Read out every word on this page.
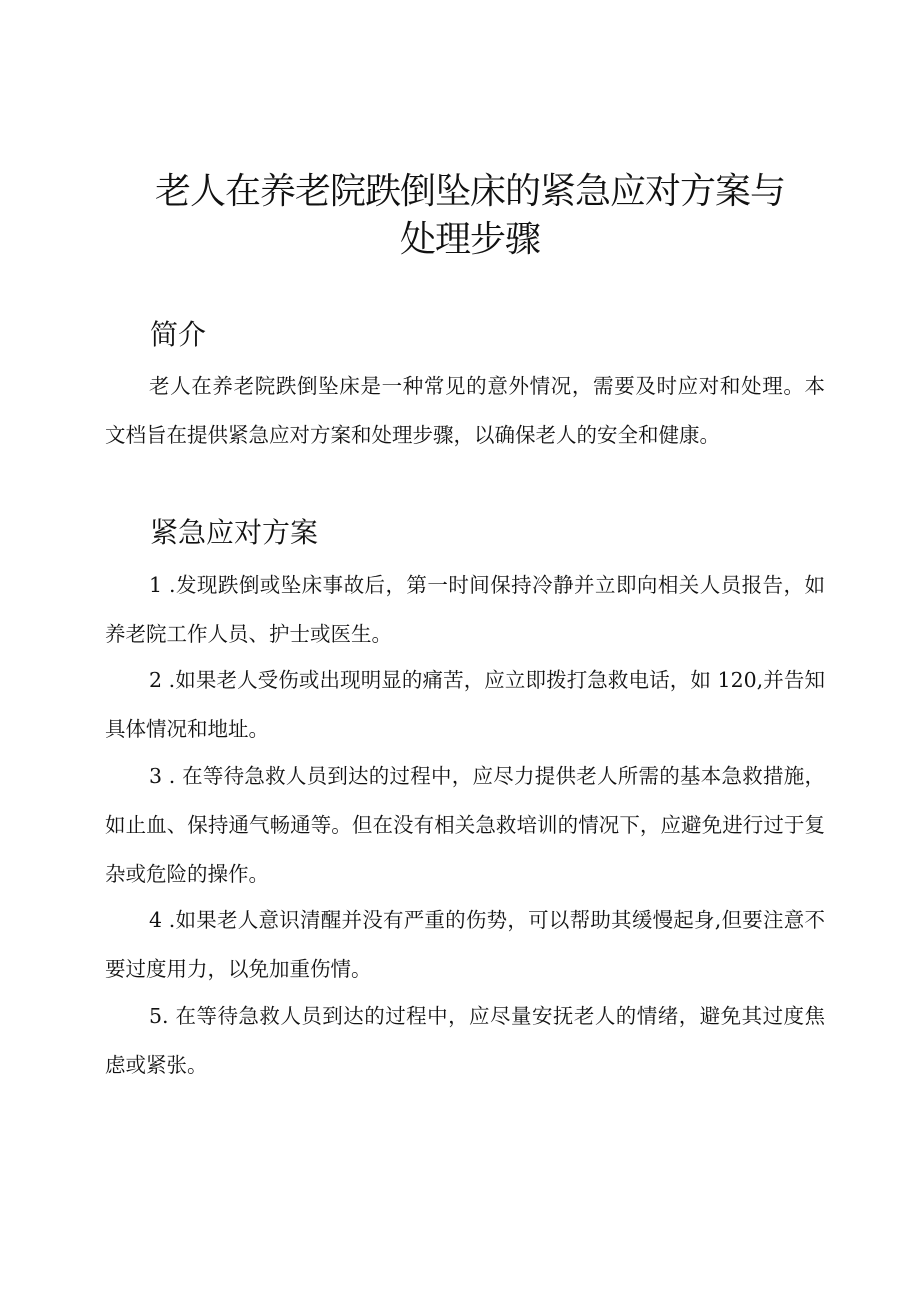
老人在养老院跌倒坠床的紧急应对方案与
处理步骤
简介

老人在养老院跌倒坠床是一种常见的意外情况，需要及时应对和处理。本文档旨在提供紧急应对方案和处理步骤，以确保老人的安全和健康。

紧急应对方案

1 .发现跌倒或坠床事故后，第一时间保持冷静并立即向相关人员报告，如养老院工作人员、护士或医生。

2 .如果老人受伤或出现明显的痛苦，应立即拨打急救电话，如 120,并告知具体情况和地址。

3 . 在等待急救人员到达的过程中，应尽力提供老人所需的基本急救措施，如止血、保持通气畅通等。但在没有相关急救培训的情况下，应避免进行过于复杂或危险的操作。

4 .如果老人意识清醒并没有严重的伤势，可以帮助其缓慢起身,但要注意不要过度用力，以免加重伤情。

5. 在等待急救人员到达的过程中，应尽量安抚老人的情绪，避免其过度焦虑或紧张。
